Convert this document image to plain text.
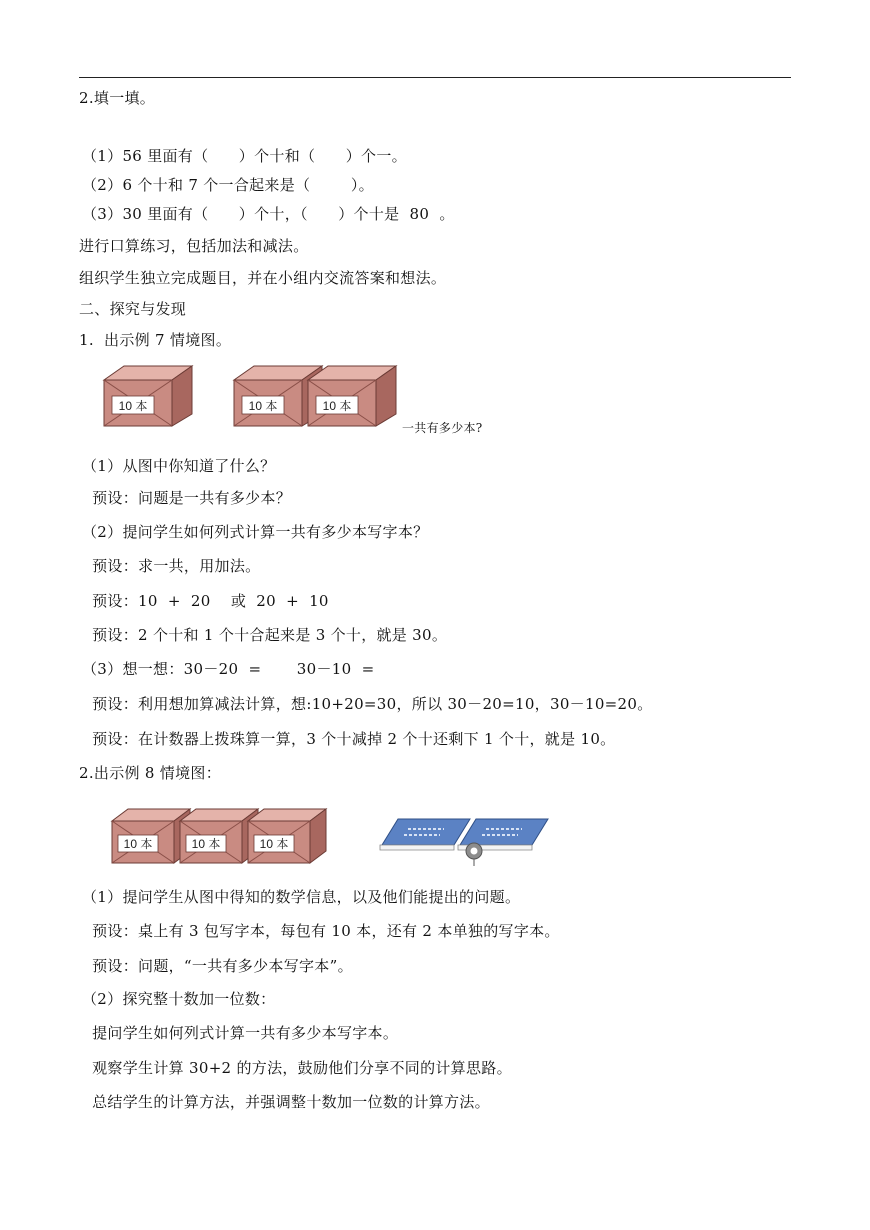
2.填一填。
（1）56 里面有（      ）个十和（      ）个一。
（2）6 个十和 7 个一合起来是（        ）。
（3）30 里面有（      ）个十，（      ）个十是  80  。
进行口算练习，包括加法和减法。
组织学生独立完成题目，并在小组内交流答案和想法。
二、探究与发现
1.  出示例 7 情境图。
10 本	10 本	10 本
一共有多少本?
（1）从图中你知道了什么？
预设：问题是一共有多少本？
（2）提问学生如何列式计算一共有多少本写字本？
预设：求一共，用加法。
预设：10  +  20    或  20  +  10
预设：2 个十和 1 个十合起来是 3 个十，就是 30。
（3）想一想：30－20  =       30－10  =
预设：利用想加算减法计算，想:10+20=30，所以 30－20=10，30－10=20。
预设：在计数器上拨珠算一算，3 个十减掉 2 个十还剩下 1 个十，就是 10。
2.出示例 8 情境图：
10 本	10 本	10 本
（1）提问学生从图中得知的数学信息，以及他们能提出的问题。
预设：桌上有 3 包写字本，每包有 10 本，还有 2 本单独的写字本。
预设：问题，“一共有多少本写字本”。
（2）探究整十数加一位数：
提问学生如何列式计算一共有多少本写字本。
观察学生计算 30+2 的方法，鼓励他们分享不同的计算思路。
总结学生的计算方法，并强调整十数加一位数的计算方法。
